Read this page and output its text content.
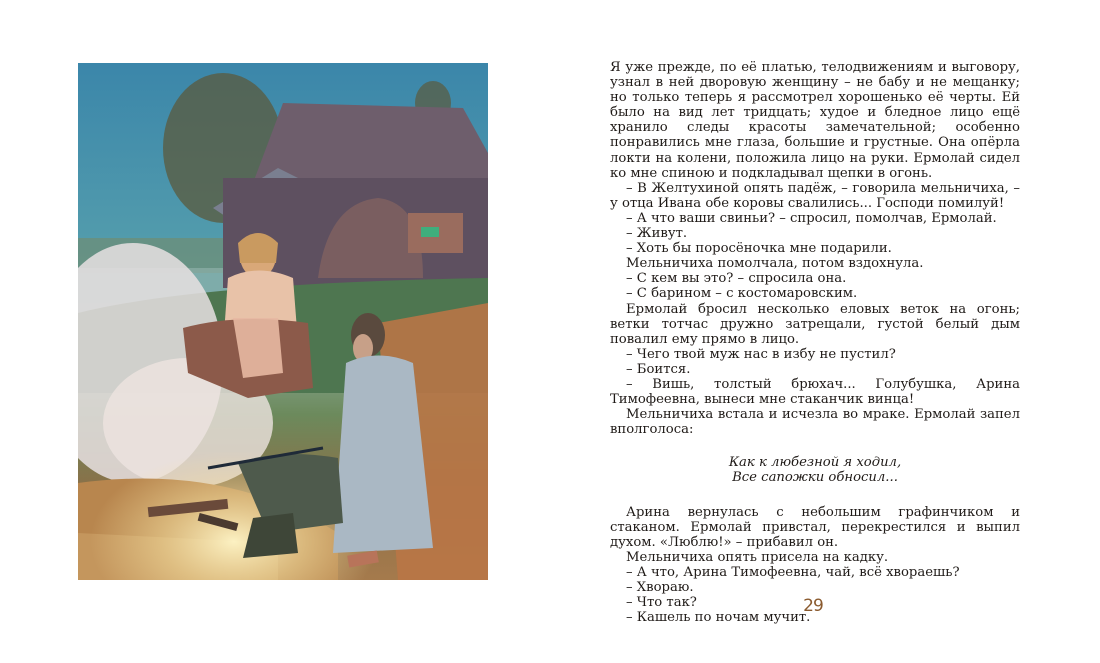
Я уже прежде, по её платью, телодвижениям и выговору, узнал в ней дворовую женщину – не бабу и не мещанку; но только теперь я рассмотрел хорошенько её черты. Ей было на вид лет тридцать; худое и бледное лицо ещё хранило следы красоты замечательной; особенно понравились мне глаза, большие и грустные. Она опёрла локти на колени, положила лицо на руки. Ермолай сидел ко мне спиною и подкладывал щепки в огонь.

– В Желтухиной опять падёж, – говорила мельничиха, – у отца Ивана обе коровы свалились... Господи помилуй!

– А что ваши свиньи? – спросил, помолчав, Ермолай.

– Живут.

– Хоть бы поросёночка мне подарили.

Мельничиха помолчала, потом вздохнула.

– С кем вы это? – спросила она.

– С барином – с костомаровским.

Ермолай бросил несколько еловых веток на огонь; ветки тотчас дружно затрещали, густой белый дым повалил ему прямо в лицо.

– Чего твой муж нас в избу не пустил?

– Боится.

– Вишь, толстый брюхач... Голубушка, Арина Тимофеевна, вынеси мне стаканчик винца!

Мельничиха встала и исчезла во мраке. Ермолай запел вполголоса:

Как к любезной я ходил,

Все сапожки обносил...

Арина вернулась с небольшим графинчиком и стаканом. Ермолай привстал, перекрестился и выпил духом. «Люблю!» – прибавил он.

Мельничиха опять присела на кадку.

– А что, Арина Тимофеевна, чай, всё хвораешь?

– Хвораю.

– Что так?

– Кашель по ночам мучит.

29
